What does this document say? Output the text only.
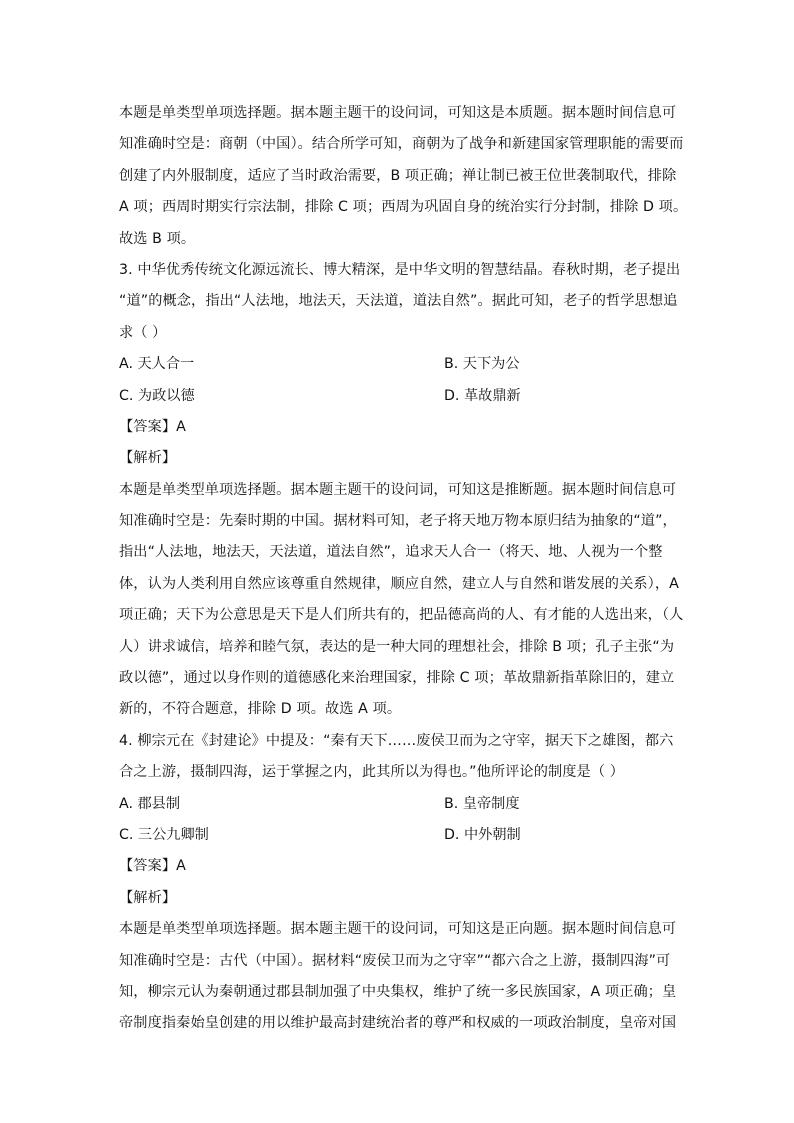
本题是单类型单项选择题。据本题主题干的设问词，可知这是本质题。据本题时间信息可
知准确时空是：商朝（中国）。结合所学可知，商朝为了战争和新建国家管理职能的需要而
创建了内外服制度，适应了当时政治需要，B 项正确；禅让制已被王位世袭制取代，排除
A 项；西周时期实行宗法制，排除 C 项；西周为巩固自身的统治实行分封制，排除 D 项。
故选 B 项。
3. 中华优秀传统文化源远流长、博大精深，是中华文明的智慧结晶。春秋时期，老子提出
“道”的概念，指出“人法地，地法天，天法道，道法自然”。据此可知，老子的哲学思想追
求（ ）
A. 天人合一	B. 天下为公
C. 为政以德	D. 革故鼎新
【答案】A
【解析】
本题是单类型单项选择题。据本题主题干的设问词，可知这是推断题。据本题时间信息可
知准确时空是：先秦时期的中国。据材料可知，老子将天地万物本原归结为抽象的“道”，
指出“人法地，地法天，天法道，道法自然”，追求天人合一（将天、地、人视为一个整
体，认为人类利用自然应该尊重自然规律，顺应自然，建立人与自然和谐发展的关系），A
项正确；天下为公意思是天下是人们所共有的，把品德高尚的人、有才能的人选出来，（人
人）讲求诚信，培养和睦气氛，表达的是一种大同的理想社会，排除 B 项；孔子主张“为
政以德”，通过以身作则的道德感化来治理国家，排除 C 项；革故鼎新指革除旧的，建立
新的，不符合题意，排除 D 项。故选 A 项。
4. 柳宗元在《封建论》中提及：“秦有天下……废侯卫而为之守宰，据天下之雄图，都六
合之上游，摄制四海，运于掌握之内，此其所以为得也。”他所评论的制度是（ ）
A. 郡县制	B. 皇帝制度
C. 三公九卿制	D. 中外朝制
【答案】A
【解析】
本题是单类型单项选择题。据本题主题干的设问词，可知这是正向题。据本题时间信息可
知准确时空是：古代（中国）。据材料“废侯卫而为之守宰”“都六合之上游，摄制四海”可
知，柳宗元认为秦朝通过郡县制加强了中央集权，维护了统一多民族国家，A 项正确；皇
帝制度指秦始皇创建的用以维护最高封建统治者的尊严和权威的一项政治制度，皇帝对国
